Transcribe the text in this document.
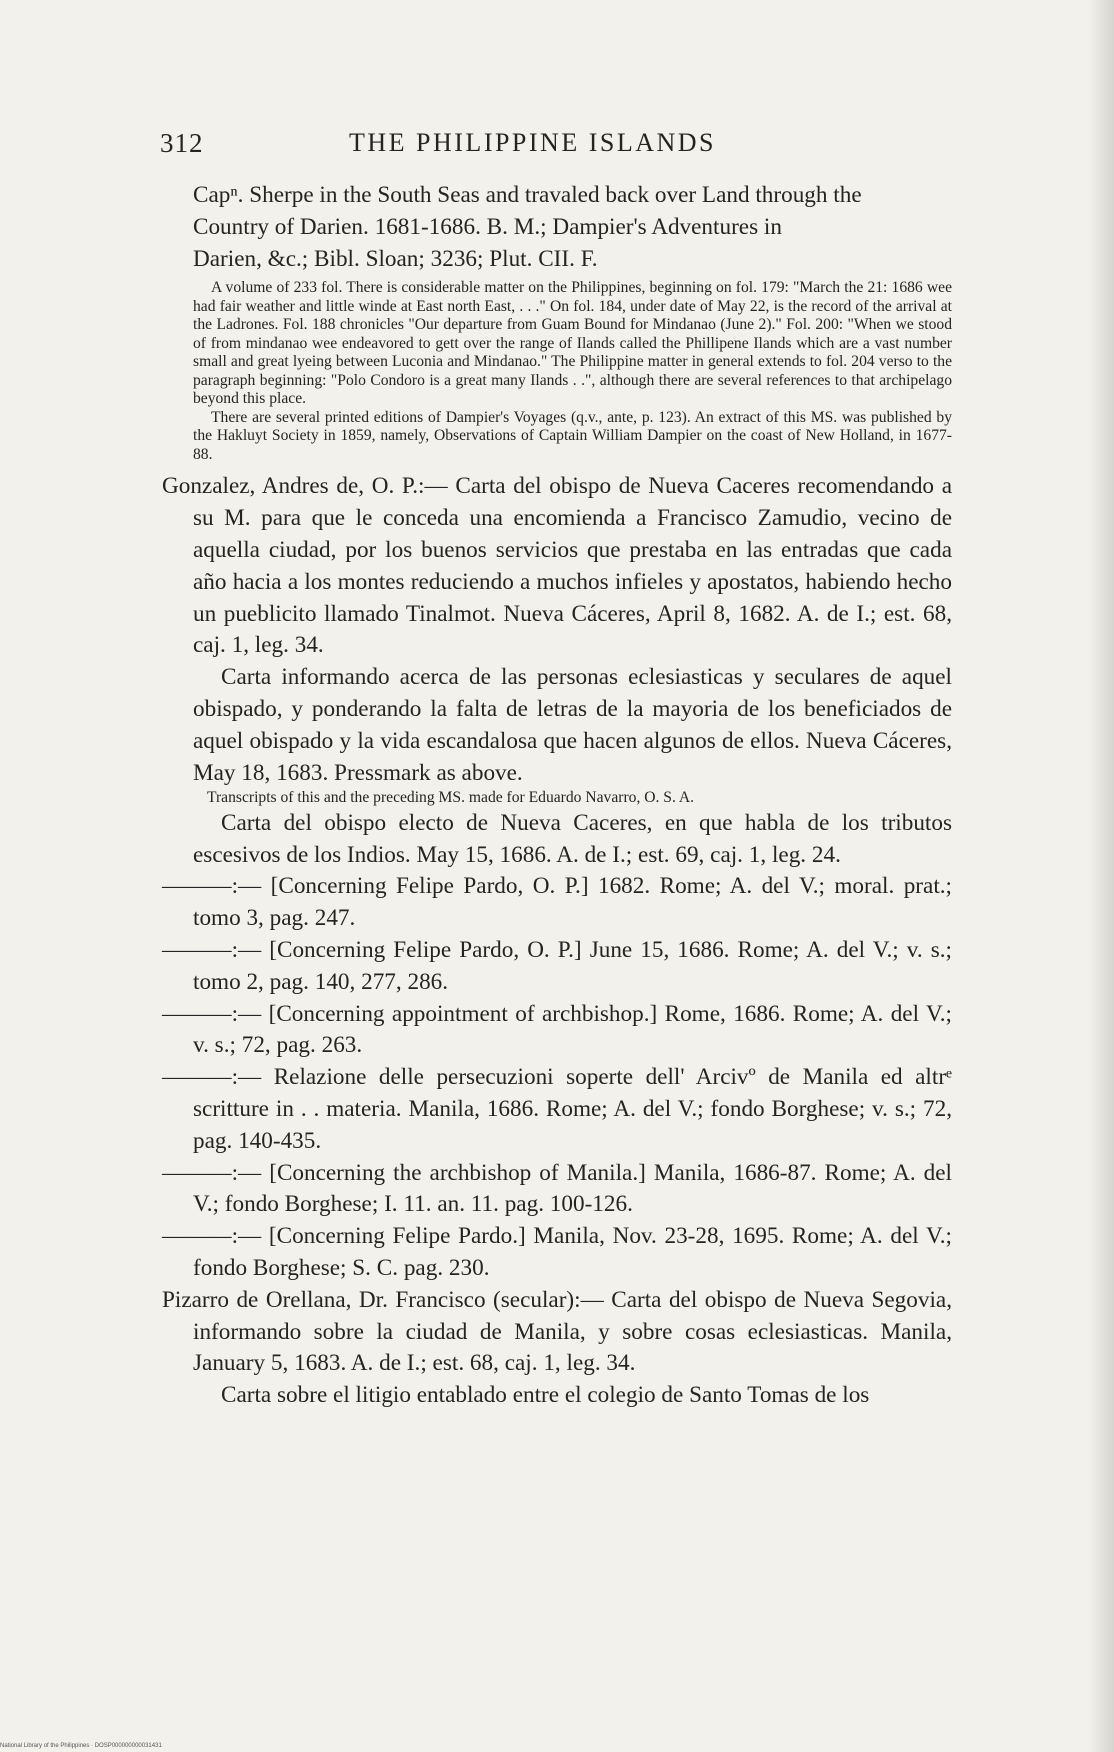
312	THE PHILIPPINE ISLANDS

Capⁿ. Sherpe in the South Seas and travaled back over Land through the

Country of Darien. 1681-1686. B. M.; Dampier's Adventures in

Darien, &c.; Bibl. Sloan; 3236; Plut. CII. F.

A volume of 233 fol. There is considerable matter on the Philippines, beginning on fol. 179: "March the 21: 1686 wee had fair weather and little winde at East north East, . . ." On fol. 184, under date of May 22, is the record of the arrival at the Ladrones. Fol. 188 chronicles "Our departure from Guam Bound for Mindanao (June 2)." Fol. 200: "When we stood of from mindanao wee endeavored to gett over the range of Ilands called the Phillipene Ilands which are a vast number small and great lyeing between Luconia and Mindanao." The Philippine matter in general extends to fol. 204 verso to the paragraph beginning: "Polo Condoro is a great many Ilands . .", although there are several references to that archipelago beyond this place.

There are several printed editions of Dampier's Voyages (q.v., ante, p. 123). An extract of this MS. was published by the Hakluyt Society in 1859, namely, Observations of Captain William Dampier on the coast of New Holland, in 1677-88.

Gonzalez, Andres de, O. P.:— Carta del obispo de Nueva Caceres recomendando a su M. para que le conceda una encomienda a Francisco Zamudio, vecino de aquella ciudad, por los buenos servicios que prestaba en las entradas que cada año hacia a los montes reduciendo a muchos infieles y apostatos, habiendo hecho un pueblicito llamado Tinalmot. Nueva Cáceres, April 8, 1682. A. de I.; est. 68, caj. 1, leg. 34.

Carta informando acerca de las personas eclesiasticas y seculares de aquel obispado, y ponderando la falta de letras de la mayoria de los beneficiados de aquel obispado y la vida escandalosa que hacen algunos de ellos. Nueva Cáceres, May 18, 1683. Pressmark as above.

Transcripts of this and the preceding MS. made for Eduardo Navarro, O. S. A.

Carta del obispo electo de Nueva Caceres, en que habla de los tributos escesivos de los Indios. May 15, 1686. A. de I.; est. 69, caj. 1, leg. 24.

———:— [Concerning Felipe Pardo, O. P.] 1682. Rome; A. del V.; moral. prat.; tomo 3, pag. 247.

———:— [Concerning Felipe Pardo, O. P.] June 15, 1686. Rome; A. del V.; v. s.; tomo 2, pag. 140, 277, 286.

———:— [Concerning appointment of archbishop.] Rome, 1686. Rome; A. del V.; v. s.; 72, pag. 263.

———:— Relazione delle persecuzioni soperte dell' Arcivº de Manila ed altrᵉ scritture in . . materia. Manila, 1686. Rome; A. del V.; fondo Borghese; v. s.; 72, pag. 140-435.

———:— [Concerning the archbishop of Manila.] Manila, 1686-87. Rome; A. del V.; fondo Borghese; I. 11. an. 11. pag. 100-126.

———:— [Concerning Felipe Pardo.] Manila, Nov. 23-28, 1695. Rome; A. del V.; fondo Borghese; S. C. pag. 230.

Pizarro de Orellana, Dr. Francisco (secular):— Carta del obispo de Nueva Segovia, informando sobre la ciudad de Manila, y sobre cosas eclesiasticas. Manila, January 5, 1683. A. de I.; est. 68, caj. 1, leg. 34.

Carta sobre el litigio entablado entre el colegio de Santo Tomas de los

National Library of the Philippines · DOSP000000000031431
